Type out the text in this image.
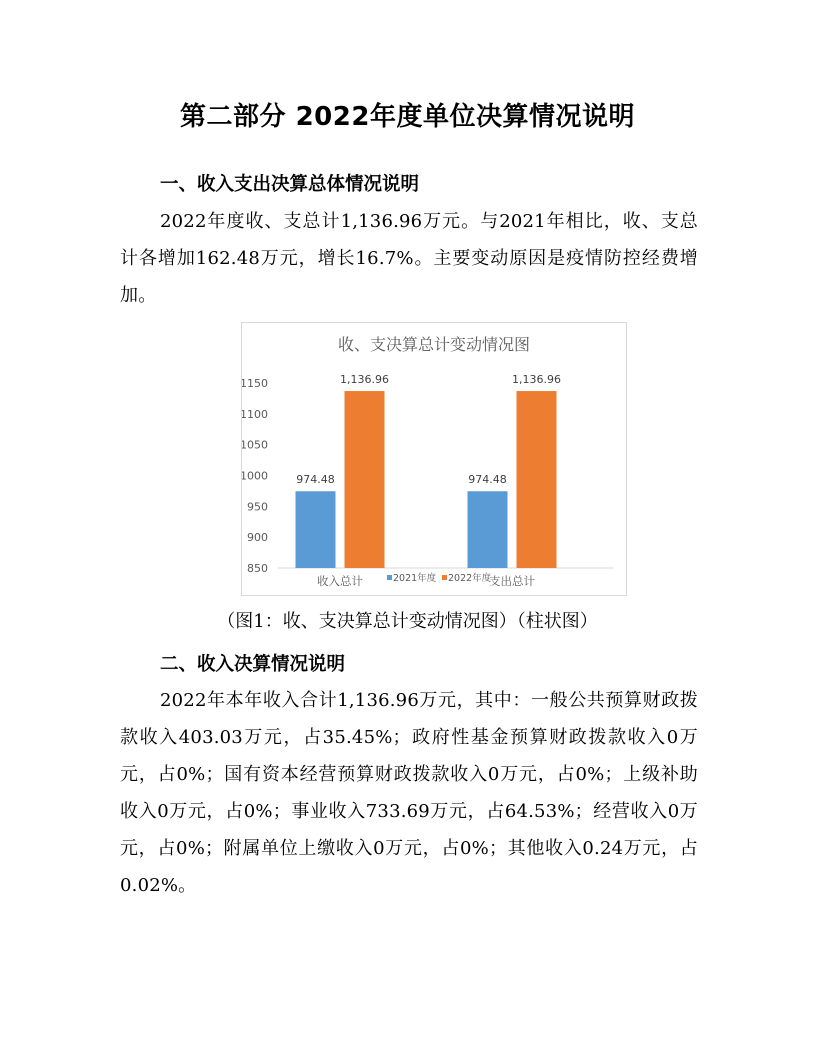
第二部分 2022年度单位决算情况说明
一、收入支出决算总体情况说明
2022年度收、支总计1,136.96万元。与2021年相比，收、支总计各增加162.48万元，增长16.7%。主要变动原因是疫情防控经费增加。
收、支决算总计变动情况图
850
900
950
1000
1050
1100
1150
974.48
1,136.96
974.48
1,136.96
收入总计	支出总计
2021年度 2022年度
（图1：收、支决算总计变动情况图）（柱状图）
二、收入决算情况说明
2022年本年收入合计1,136.96万元，其中：一般公共预算财政拨款收入403.03万元，占35.45%；政府性基金预算财政拨款收入0万元，占0%；国有资本经营预算财政拨款收入0万元，占0%；上级补助收入0万元，占0%；事业收入733.69万元，占64.53%；经营收入0万元，占0%；附属单位上缴收入0万元，占0%；其他收入0.24万元，占0.02%。
